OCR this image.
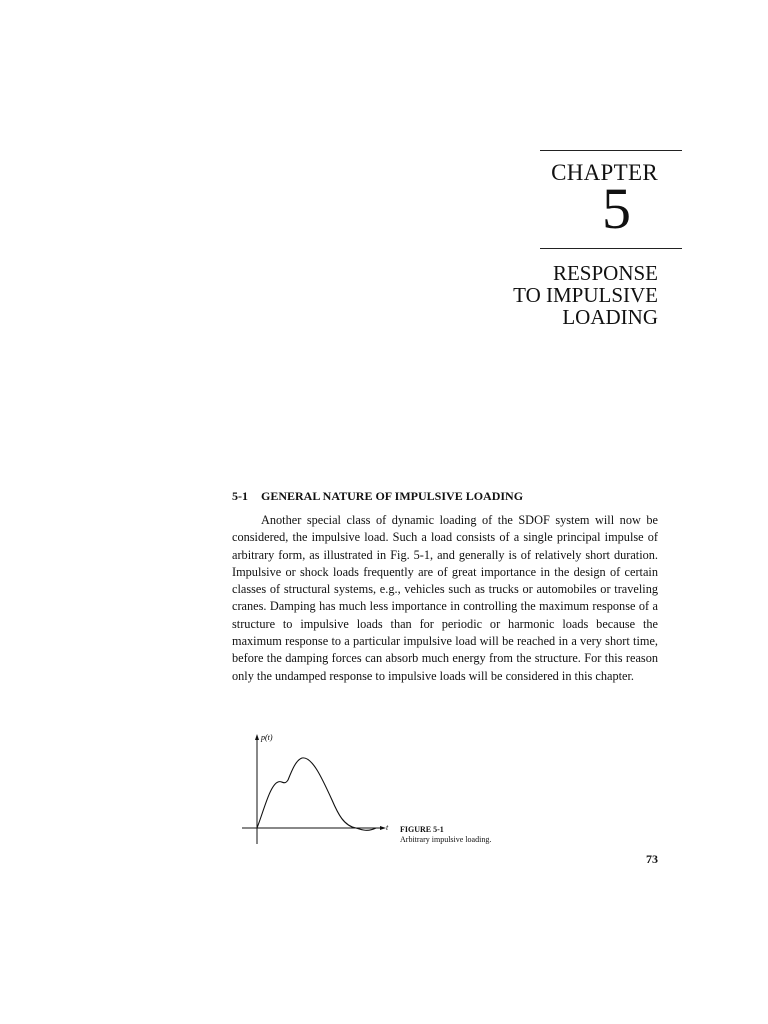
CHAPTER
5
RESPONSE
TO IMPULSIVE
LOADING
5-1 GENERAL NATURE OF IMPULSIVE LOADING

Another special class of dynamic loading of the SDOF system will now be considered, the impulsive load. Such a load consists of a single principal impulse of arbitrary form, as illustrated in Fig. 5-1, and generally is of relatively short duration. Impulsive or shock loads frequently are of great importance in the design of certain classes of structural systems, e.g., vehicles such as trucks or automobiles or traveling cranes. Damping has much less importance in controlling the maximum response of a structure to impulsive loads than for periodic or harmonic loads because the maximum response to a particular impulsive load will be reached in a very short time, before the damping forces can absorb much energy from the structure. For this reason only the undamped response to impulsive loads will be considered in this chapter.

p(t)
t FIGURE 5-1
Arbitrary impulsive loading.
73
